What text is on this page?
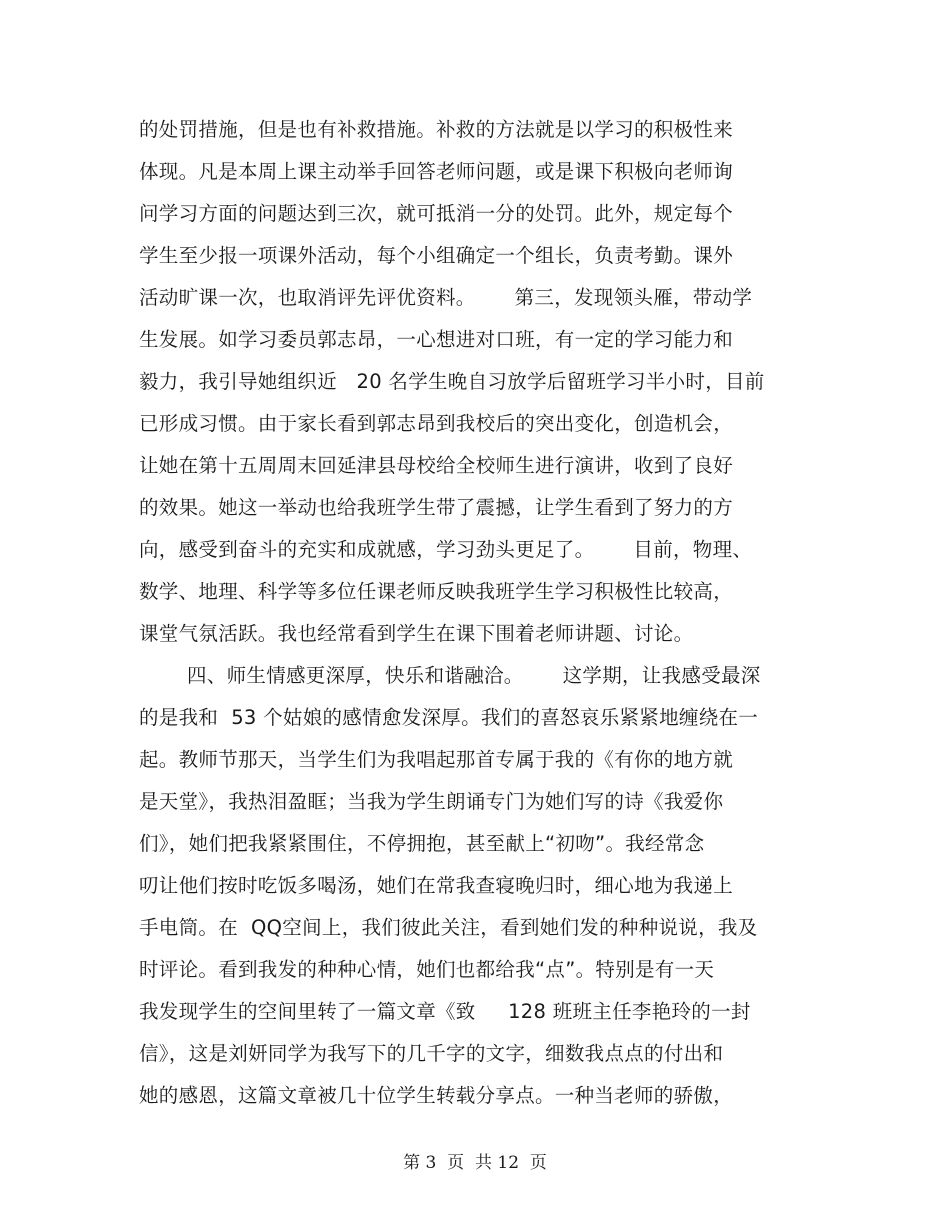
的处罚措施，但是也有补救措施。补救的方法就是以学习的积极性来
体现。凡是本周上课主动举手回答老师问题，或是课下积极向老师询
问学习方面的问题达到三次，就可抵消一分的处罚。此外，规定每个
学生至少报一项课外活动，每个小组确定一个组长，负责考勤。课外
活动旷课一次，也取消评先评优资料。      第三，发现领头雁，带动学
生发展。如学习委员郭志昂，一心想进对口班，有一定的学习能力和
毅力，我引导她组织近   20 名学生晚自习放学后留班学习半小时，目前
已形成习惯。由于家长看到郭志昂到我校后的突出变化，创造机会，
让她在第十五周周末回延津县母校给全校师生进行演讲，收到了良好
的效果。她这一举动也给我班学生带了震撼，让学生看到了努力的方
向，感受到奋斗的充实和成就感，学习劲头更足了。      目前，物理、
数学、地理、科学等多位任课老师反映我班学生学习积极性比较高，
课堂气氛活跃。我也经常看到学生在课下围着老师讲题、讨论。
四、师生情感更深厚，快乐和谐融洽。      这学期，让我感受最深
的是我和  53 个姑娘的感情愈发深厚。我们的喜怒哀乐紧紧地缠绕在一
起。教师节那天，当学生们为我唱起那首专属于我的《有你的地方就
是天堂》，我热泪盈眶；当我为学生朗诵专门为她们写的诗《我爱你
们》，她们把我紧紧围住，不停拥抱，甚至献上“初吻”。我经常念
叨让他们按时吃饭多喝汤，她们在常我查寝晚归时，细心地为我递上
手电筒。在  QQ空间上，我们彼此关注，看到她们发的种种说说，我及
时评论。看到我发的种种心情，她们也都给我“点”。特别是有一天
我发现学生的空间里转了一篇文章《致     128 班班主任李艳玲的一封
信》，这是刘妍同学为我写下的几千字的文字，细数我点点的付出和
她的感恩，这篇文章被几十位学生转载分享点。一种当老师的骄傲，
第 3  页  共 12  页
